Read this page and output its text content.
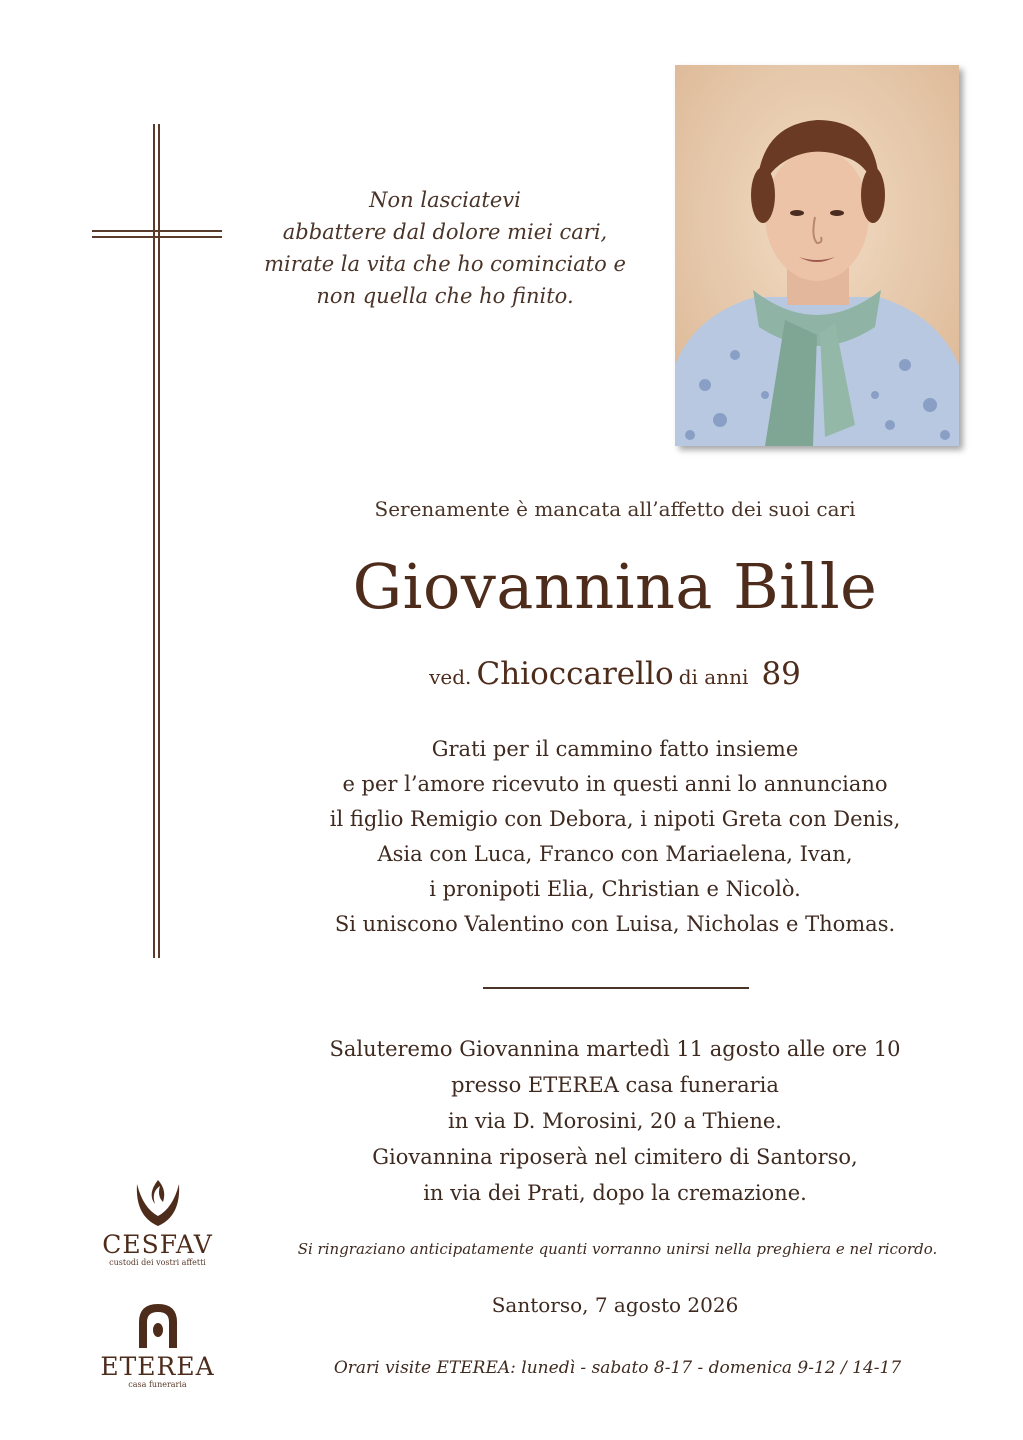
Non lasciatevi
abbattere dal dolore miei cari,
mirate la vita che ho cominciato e
non quella che ho finito.
Serenamente è mancata all’affetto dei suoi cari
Giovannina Bille
ved. Chioccarello di anni 89
Grati per il cammino fatto insieme
e per l’amore ricevuto in questi anni lo annunciano
il figlio Remigio con Debora, i nipoti Greta con Denis,
Asia con Luca, Franco con Mariaelena, Ivan,
i pronipoti Elia, Christian e Nicolò.
Si uniscono Valentino con Luisa, Nicholas e Thomas.
Saluteremo Giovannina martedì 11 agosto alle ore 10
presso ETEREA casa funeraria
in via D. Morosini, 20 a Thiene.
Giovannina riposerà nel cimitero di Santorso,
in via dei Prati, dopo la cremazione.
Si ringraziano anticipatamente quanti vorranno unirsi nella preghiera e nel ricordo.
Santorso, 7 agosto 2026
Orari visite ETEREA: lunedì - sabato 8-17 - domenica 9-12 / 14-17
CESFAV
custodi dei vostri affetti
ETEREA
casa funeraria
